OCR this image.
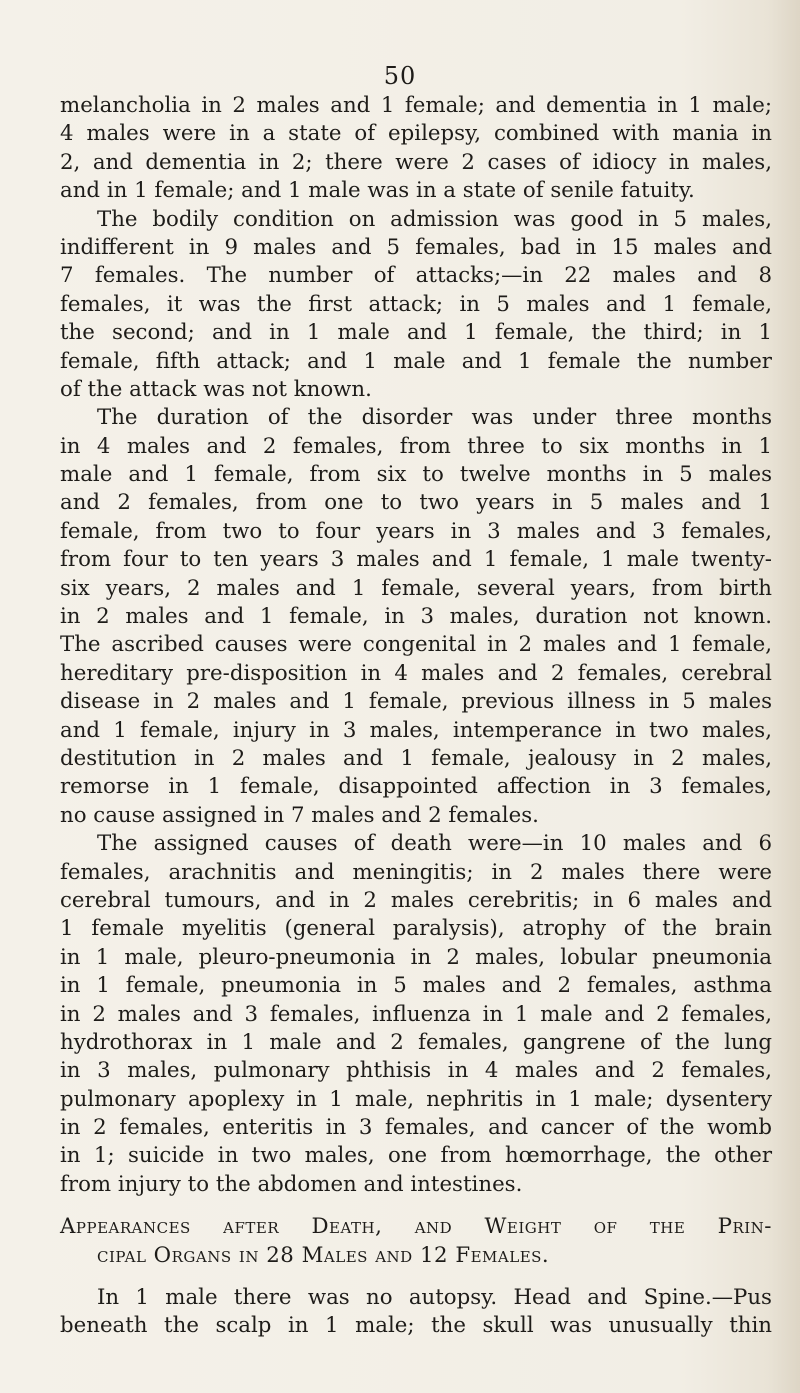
50
melancholia in 2 males and 1 female; and dementia in 1 male;
4 males were in a state of epilepsy, combined with mania in
2, and dementia in 2; there were 2 cases of idiocy in males,
and in 1 female; and 1 male was in a state of senile fatuity.
The bodily condition on admission was good in 5 males,
indifferent in 9 males and 5 females, bad in 15 males and
7 females. The number of attacks;—in 22 males and 8
females, it was the first attack; in 5 males and 1 female,
the second; and in 1 male and 1 female, the third; in 1
female, fifth attack; and 1 male and 1 female the number
of the attack was not known.
The duration of the disorder was under three months
in 4 males and 2 females, from three to six months in 1
male and 1 female, from six to twelve months in 5 males
and 2 females, from one to two years in 5 males and 1
female, from two to four years in 3 males and 3 females,
from four to ten years 3 males and 1 female, 1 male twenty-
six years, 2 males and 1 female, several years, from birth
in 2 males and 1 female, in 3 males, duration not known.
The ascribed causes were congenital in 2 males and 1 female,
hereditary pre-disposition in 4 males and 2 females, cerebral
disease in 2 males and 1 female, previous illness in 5 males
and 1 female, injury in 3 males, intemperance in two males,
destitution in 2 males and 1 female, jealousy in 2 males,
remorse in 1 female, disappointed affection in 3 females,
no cause assigned in 7 males and 2 females.
The assigned causes of death were—in 10 males and 6
females, arachnitis and meningitis; in 2 males there were
cerebral tumours, and in 2 males cerebritis; in 6 males and
1 female myelitis (general paralysis), atrophy of the brain
in 1 male, pleuro-pneumonia in 2 males, lobular pneumonia
in 1 female, pneumonia in 5 males and 2 females, asthma
in 2 males and 3 females, influenza in 1 male and 2 females,
hydrothorax in 1 male and 2 females, gangrene of the lung
in 3 males, pulmonary phthisis in 4 males and 2 females,
pulmonary apoplexy in 1 male, nephritis in 1 male; dysentery
in 2 females, enteritis in 3 females, and cancer of the womb
in 1; suicide in two males, one from hœmorrhage, the other
from injury to the abdomen and intestines.
Appearances after Death, and Weight of the Prin-
cipal Organs in 28 Males and 12 Females.
In 1 male there was no autopsy. Head and Spine.—Pus
beneath the scalp in 1 male; the skull was unusually thin
